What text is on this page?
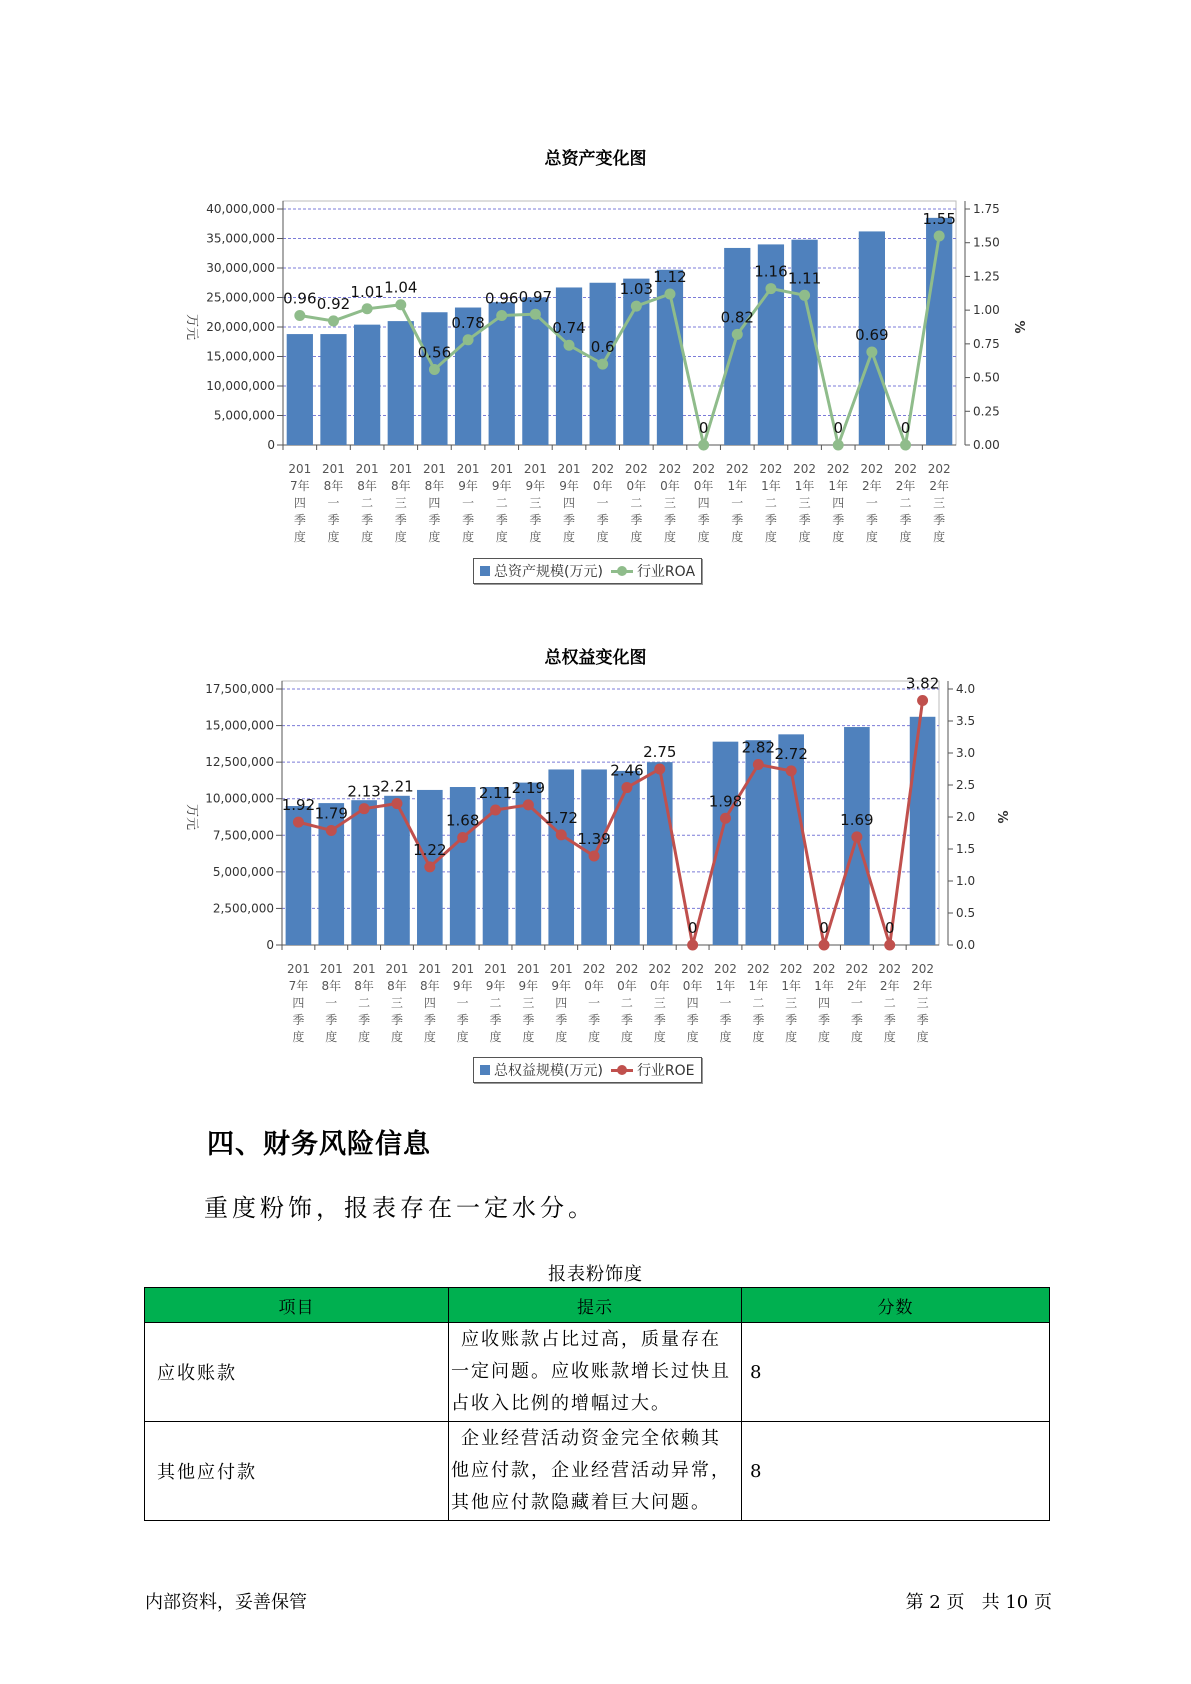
总资产变化图
0
5,000,000
10,000,000
15,000,000
20,000,000
25,000,000
30,000,000
35,000,000
40,000,000
0.00
0.25
0.50
0.75
1.00
1.25
1.50
1.75
万元	%
201
7年
四
季
度
201
8年
一
季
度
201
8年
二
季
度
201
8年
三
季
度
201
8年
四
季
度
201
9年
一
季
度
201
9年
二
季
度
201
9年
三
季
度
201
9年
四
季
度
202
0年
一
季
度
202
0年
二
季
度
202
0年
三
季
度
202
0年
四
季
度
202
1年
一
季
度
202
1年
二
季
度
202
1年
三
季
度
202
1年
四
季
度
202
2年
一
季
度
202
2年
二
季
度
202
2年
三
季
度
0.96 0.92
1.01 1.04
0.56
0.78
0.96 0.97
0.74
0.6
1.03
1.12
0
0.82
1.16 1.11
0
0.69
0
1.55
总资产规模(万元) 行业ROA
总权益变化图
0
2,500,000
5,000,000
7,500,000
10,000,000
12,500,000
15,000,000
17,500,000
0.0
0.5
1.0
1.5
2.0
2.5
3.0
3.5
4.0
万元	%
201
7年
四
季
度
201
8年
一
季
度
201
8年
二
季
度
201
8年
三
季
度
201
8年
四
季
度
201
9年
一
季
度
201
9年
二
季
度
201
9年
三
季
度
201
9年
四
季
度
202
0年
一
季
度
202
0年
二
季
度
202
0年
三
季
度
202
0年
四
季
度
202
1年
一
季
度
202
1年
二
季
度
202
1年
三
季
度
202
1年
四
季
度
202
2年
一
季
度
202
2年
二
季
度
202
2年
三
季
度
1.92 1.79
2.13 2.21
1.22
1.68
2.11 2.19
1.72
1.39
2.46
2.75
0
1.98
2.82 2.72
0
1.69
0
3.82
总权益规模(万元) 行业ROE
四、财务风险信息
重度粉饰，报表存在一定水分。
报表粉饰度
项目	提示	分数
应收账款	应收账款占比过高，质量存在一定问题。应收账款增长过快且占收入比例的增幅过大。	8
其他应付款	企业经营活动资金完全依赖其他应付款，企业经营活动异常，其他应付款隐藏着巨大问题。	8
内部资料，妥善保管	第 2 页   共 10 页
